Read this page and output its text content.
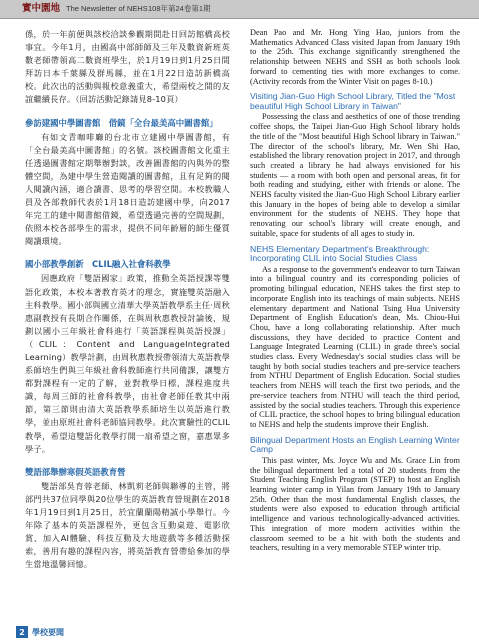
實中園地 The Newsletter of NEHS 108年第24卷第1期

係，於一年前便與該校洽談參觀期間赴日回訪館橋高校事宜。今年1月，由國高中部師師及三年及數資新班英數老師帶領高二數資班學生，於1月19日到1月25日間拜訪日本千葉縣及群馬縣，並在1月22日造訪新橋高校。此次出的活動與報校意義重大，希望兩校之間的友誼繼續長存。（回訪活動記錄請見8-10頁）

參訪建國中學圖書館　借鏡「全台最美高中圖書館」

有如文青咖啡廳的台北市立建國中學圖書館，有「全台最美高中圖書館」的名號。該校圖書館文化重主任透過圖書館定期舉辦對談，改善圖書館的內與外的整體空間，為建中學生營造閱讀的圖書館，且有足夠的閱人閱讀內涵，適合讀書、思考的學習空間。本校教職人員及各部教師代表於1月18日造訪建國中學，向2017年完工的建中閱書館借鏡，希望透過完善的空間規劃，依照本校各部學生的需求，提供不同年齡層的師生優質閱讀環境。

國小部教學創新　CLIL融入社會科教學

因應政府「雙語國家」政策，推動全英語授課等雙語化政策，本校本著教育英才的理念，實施雙英語融入主科教學。國小部與國立清華大學英語教學系主任·周秋惠副教授有長期合作關係，在與周秋惠教授討論後，規劃以國小三年級社會科進行「英語課程與英語授課」（CLIL：Content and LanguageIntegrated Learning）教學計劃，由周秋惠教授帶領清大英語教學系師培生們與三年級社會科教師進行共同備課，讓雙方都對課程有一定的了解，並對教學日標，課程進度共識，每周三師的社會科教學，由社會老師任教其中兩節，第三節則由清大英語教學系師培生以英語進行教學，並由原班社會科老師協同教學。此次實驗性的CLIL教學，希望這雙語化教學打開一扇希望之窗，嘉惠眾多學子。

雙語部舉辦寒假英語教育營

雙語部吳育蓉老師、林凱莉老師與聯導的主管，將部門共37位同學與20位學生的英語教育營規劃在2018年1月19日到1月25日，於宜蘭蘭陽精誠小學舉行。今年除了基本的英語課程外，更包含互動桌遊、電影欣賞、加入AI體驗、科技互動及大地遊戲等多種活動探索，善用有趣的課程內容，將英語教育營帶給參加的學生當地溫馨回憶。

Dean Pao and Mr. Hong Ying Hao, juniors from the Mathematics Advanced Class visited Japan from January 19th to the 25th. This exchange significantly strengthened the relationship between NEHS and SSH as both schools look forward to cementing ties with more exchanges to come. (Activity records from the Winter Visit on pages 8-10.)

Visiting Jian-Guo High School Library, Titled the "Most beautiful High School Library in Taiwan"

Possessing the class and aesthetics of one of those trending coffee shops, the Taipei Jian-Guo High School library holds the title of the "Most beautiful High School library in Taiwan." The director of the school's library, Mr. Wen Shi Hao, established the library renovation project in 2017, and through such created a library he had always envisioned for his students — a room with both open and personal areas, fit for both reading and studying, either with friends or alone. The NEHS faculty visited the Jian-Guo High School Library earlier this January in the hopes of being able to develop a similar environment for the students of NEHS. They hope that renovating our school's library will create enough, and suitable, space for students of all ages to study in.

NEHS Elementary Department's Breakthrough: Incorporating CLIL into Social Studies Class

As a response to the government's endeavor to turn Taiwan into a bilingual country and its corresponding policies of promoting bilingual education, NEHS takes the first step to incorporate English into its teachings of main subjects. NEHS elementary department and National Tsing Hua University Department of English Education's dean, Ms. Chiou-Hui Chou, have a long collaborating relationship. After much discussions, they have decided to practice Content and Language Integrated Learning (CLIL) in grade three's social studies class. Every Wednesday's social studies class will be taught by both social studies teachers and pre-service teachers from NTHU Department of English Education. Social studies teachers from NEHS will teach the first two periods, and the pre-service teachers from NTHU will teach the third period, assisted by the social studies teachers. Through this experience of CLIL practice, the school hopes to bring bilingual education to NEHS and help the students improve their English.

Bilingual Department Hosts an English Learning Winter Camp

This past winter, Ms. Joyce Wu and Ms. Grace Lin from the bilingual department led a total of 20 students from the Student Teaching English Program (STEP) to host an English learning winter camp in Yilan from January 19th to January 25th. Other than the most fundamental English classes, the students were also exposed to education through artificial intelligence and various technologically-advanced activities. This integration of more modern activities within the classroom seemed to be a hit with both the students and teachers, resulting in a very memorable STEP winter trip.

2 學校要聞
